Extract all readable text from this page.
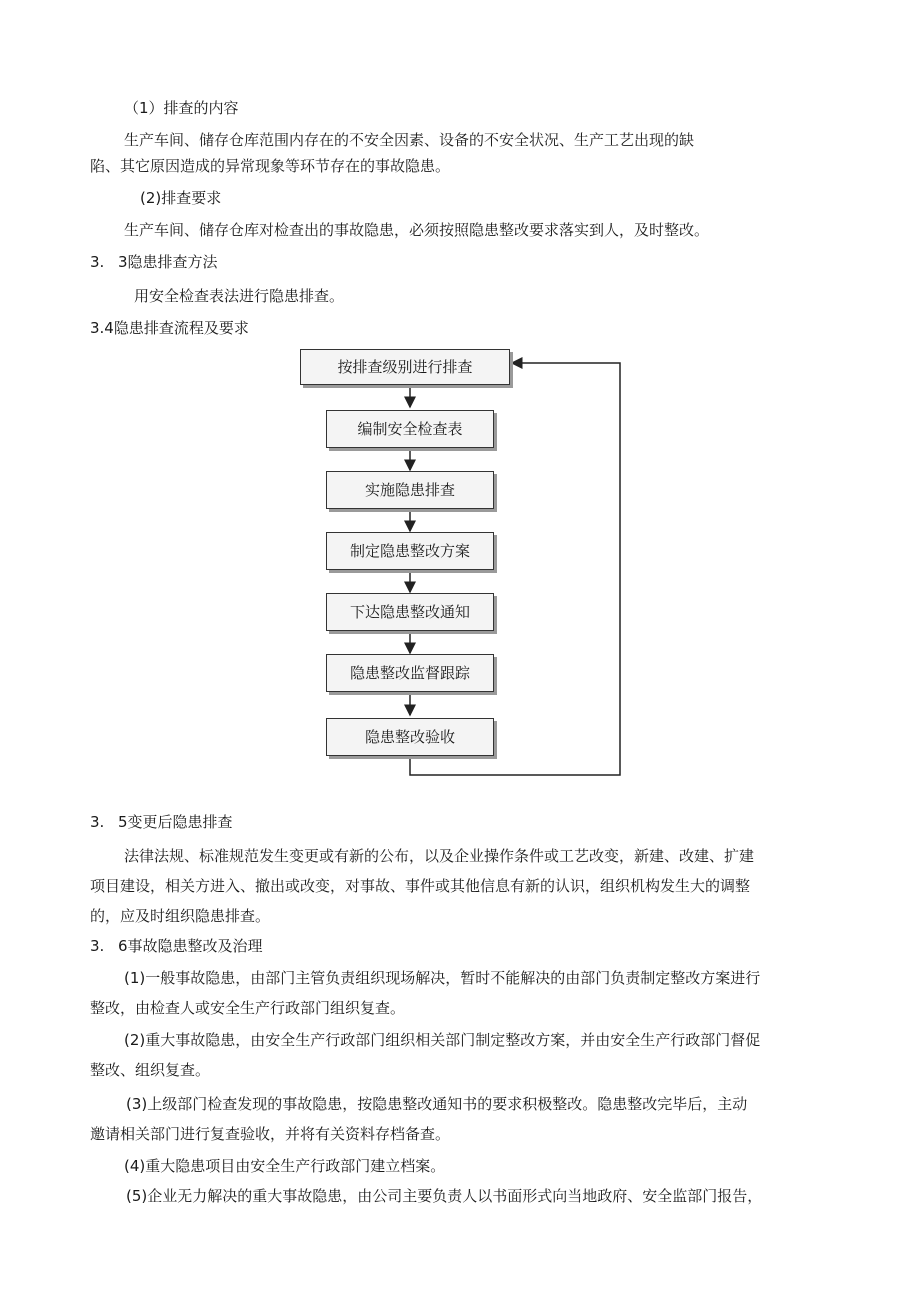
（1）排查的内容
生产车间、储存仓库范围内存在的不安全因素、设备的不安全状况、生产工艺出现的缺
陷、其它原因造成的异常现象等环节存在的事故隐患。
(2)排查要求
生产车间、储存仓库对检查出的事故隐患，必须按照隐患整改要求落实到人，及时整改。
3. 3隐患排查方法
用安全检查表法进行隐患排查。
3.4隐患排查流程及要求
按排查级别进行排查
编制安全检查表
实施隐患排查
制定隐患整改方案
下达隐患整改通知
隐患整改监督跟踪
隐患整改验收
3. 5变更后隐患排查
法律法规、标准规范发生变更或有新的公布，以及企业操作条件或工艺改变，新建、改建、扩建
项目建设，相关方进入、撤出或改变，对事故、事件或其他信息有新的认识，组织机构发生大的调整
的，应及时组织隐患排查。
3. 6事故隐患整改及治理
(1)一般事故隐患，由部门主管负责组织现场解决，暂时不能解决的由部门负责制定整改方案进行
整改，由检查人或安全生产行政部门组织复查。
(2)重大事故隐患，由安全生产行政部门组织相关部门制定整改方案，并由安全生产行政部门督促
整改、组织复查。
(3)上级部门检查发现的事故隐患，按隐患整改通知书的要求积极整改。隐患整改完毕后，主动
邀请相关部门进行复查验收，并将有关资料存档备查。
(4)重大隐患项目由安全生产行政部门建立档案。
(5)企业无力解决的重大事故隐患，由公司主要负责人以书面形式向当地政府、安全监部门报告，
